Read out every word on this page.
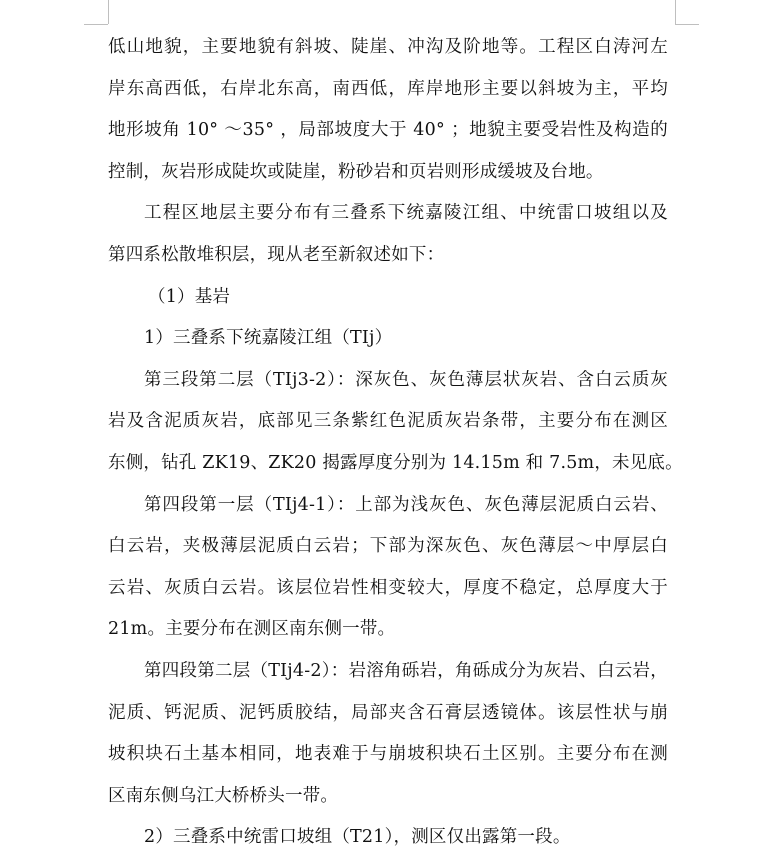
低山地貌，主要地貌有斜坡、陡崖、冲沟及阶地等。工程区白涛河左
岸东高西低，右岸北东高，南西低，库岸地形主要以斜坡为主，平均
地形坡角 10° ～35° ，局部坡度大于 40° ；地貌主要受岩性及构造的
控制，灰岩形成陡坎或陡崖，粉砂岩和页岩则形成缓坡及台地。
工程区地层主要分布有三叠系下统嘉陵江组、中统雷口坡组以及
第四系松散堆积层，现从老至新叙述如下：
（1）基岩
1）三叠系下统嘉陵江组（TIj）
第三段第二层（TIj3-2）：深灰色、灰色薄层状灰岩、含白云质灰
岩及含泥质灰岩，底部见三条紫红色泥质灰岩条带，主要分布在测区
东侧，钻孔 ZK19、ZK20 揭露厚度分别为 14.15m 和 7.5m，未见底。
第四段第一层（TIj4-1）：上部为浅灰色、灰色薄层泥质白云岩、
白云岩，夹极薄层泥质白云岩；下部为深灰色、灰色薄层～中厚层白
云岩、灰质白云岩。该层位岩性相变较大，厚度不稳定，总厚度大于
21m。主要分布在测区南东侧一带。
第四段第二层（TIj4-2）：岩溶角砾岩，角砾成分为灰岩、白云岩，
泥质、钙泥质、泥钙质胶结，局部夹含石膏层透镜体。该层性状与崩
坡积块石土基本相同，地表难于与崩坡积块石土区别。主要分布在测
区南东侧乌江大桥桥头一带。
2）三叠系中统雷口坡组（T21），测区仅出露第一段。
